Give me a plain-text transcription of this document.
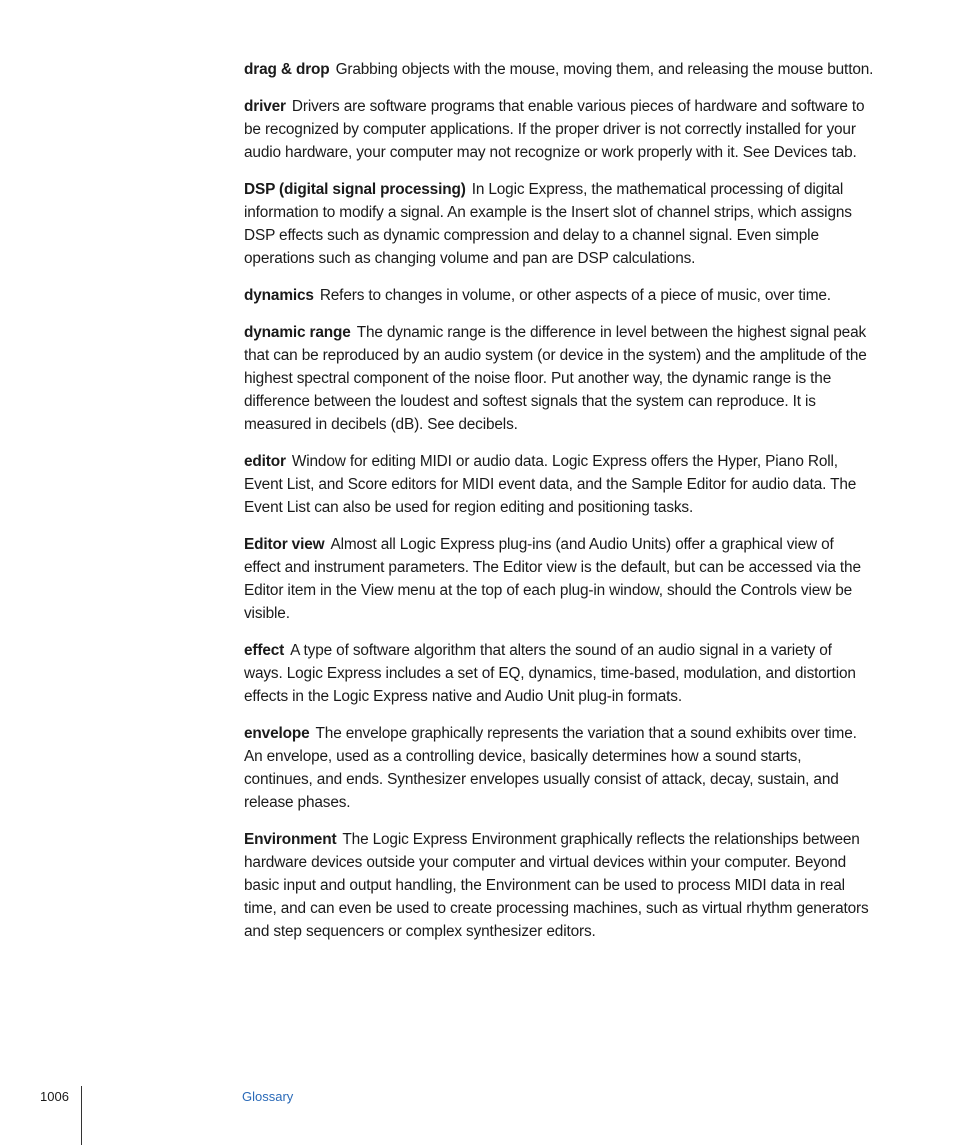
drag & drop Grabbing objects with the mouse, moving them, and releasing the mouse button.

driver Drivers are software programs that enable various pieces of hardware and software to be recognized by computer applications. If the proper driver is not correctly installed for your audio hardware, your computer may not recognize or work properly with it. See Devices tab.

DSP (digital signal processing) In Logic Express, the mathematical processing of digital information to modify a signal. An example is the Insert slot of channel strips, which assigns DSP effects such as dynamic compression and delay to a channel signal. Even simple operations such as changing volume and pan are DSP calculations.

dynamics Refers to changes in volume, or other aspects of a piece of music, over time.

dynamic range The dynamic range is the difference in level between the highest signal peak that can be reproduced by an audio system (or device in the system) and the amplitude of the highest spectral component of the noise floor. Put another way, the dynamic range is the difference between the loudest and softest signals that the system can reproduce. It is measured in decibels (dB). See decibels.

editor Window for editing MIDI or audio data. Logic Express offers the Hyper, Piano Roll, Event List, and Score editors for MIDI event data, and the Sample Editor for audio data. The Event List can also be used for region editing and positioning tasks.

Editor view Almost all Logic Express plug-ins (and Audio Units) offer a graphical view of effect and instrument parameters. The Editor view is the default, but can be accessed via the Editor item in the View menu at the top of each plug-in window, should the Controls view be visible.

effect A type of software algorithm that alters the sound of an audio signal in a variety of ways. Logic Express includes a set of EQ, dynamics, time-based, modulation, and distortion effects in the Logic Express native and Audio Unit plug-in formats.

envelope The envelope graphically represents the variation that a sound exhibits over time. An envelope, used as a controlling device, basically determines how a sound starts, continues, and ends. Synthesizer envelopes usually consist of attack, decay, sustain, and release phases.

Environment The Logic Express Environment graphically reflects the relationships between hardware devices outside your computer and virtual devices within your computer. Beyond basic input and output handling, the Environment can be used to process MIDI data in real time, and can even be used to create processing machines, such as virtual rhythm generators and step sequencers or complex synthesizer editors.

1006	Glossary
